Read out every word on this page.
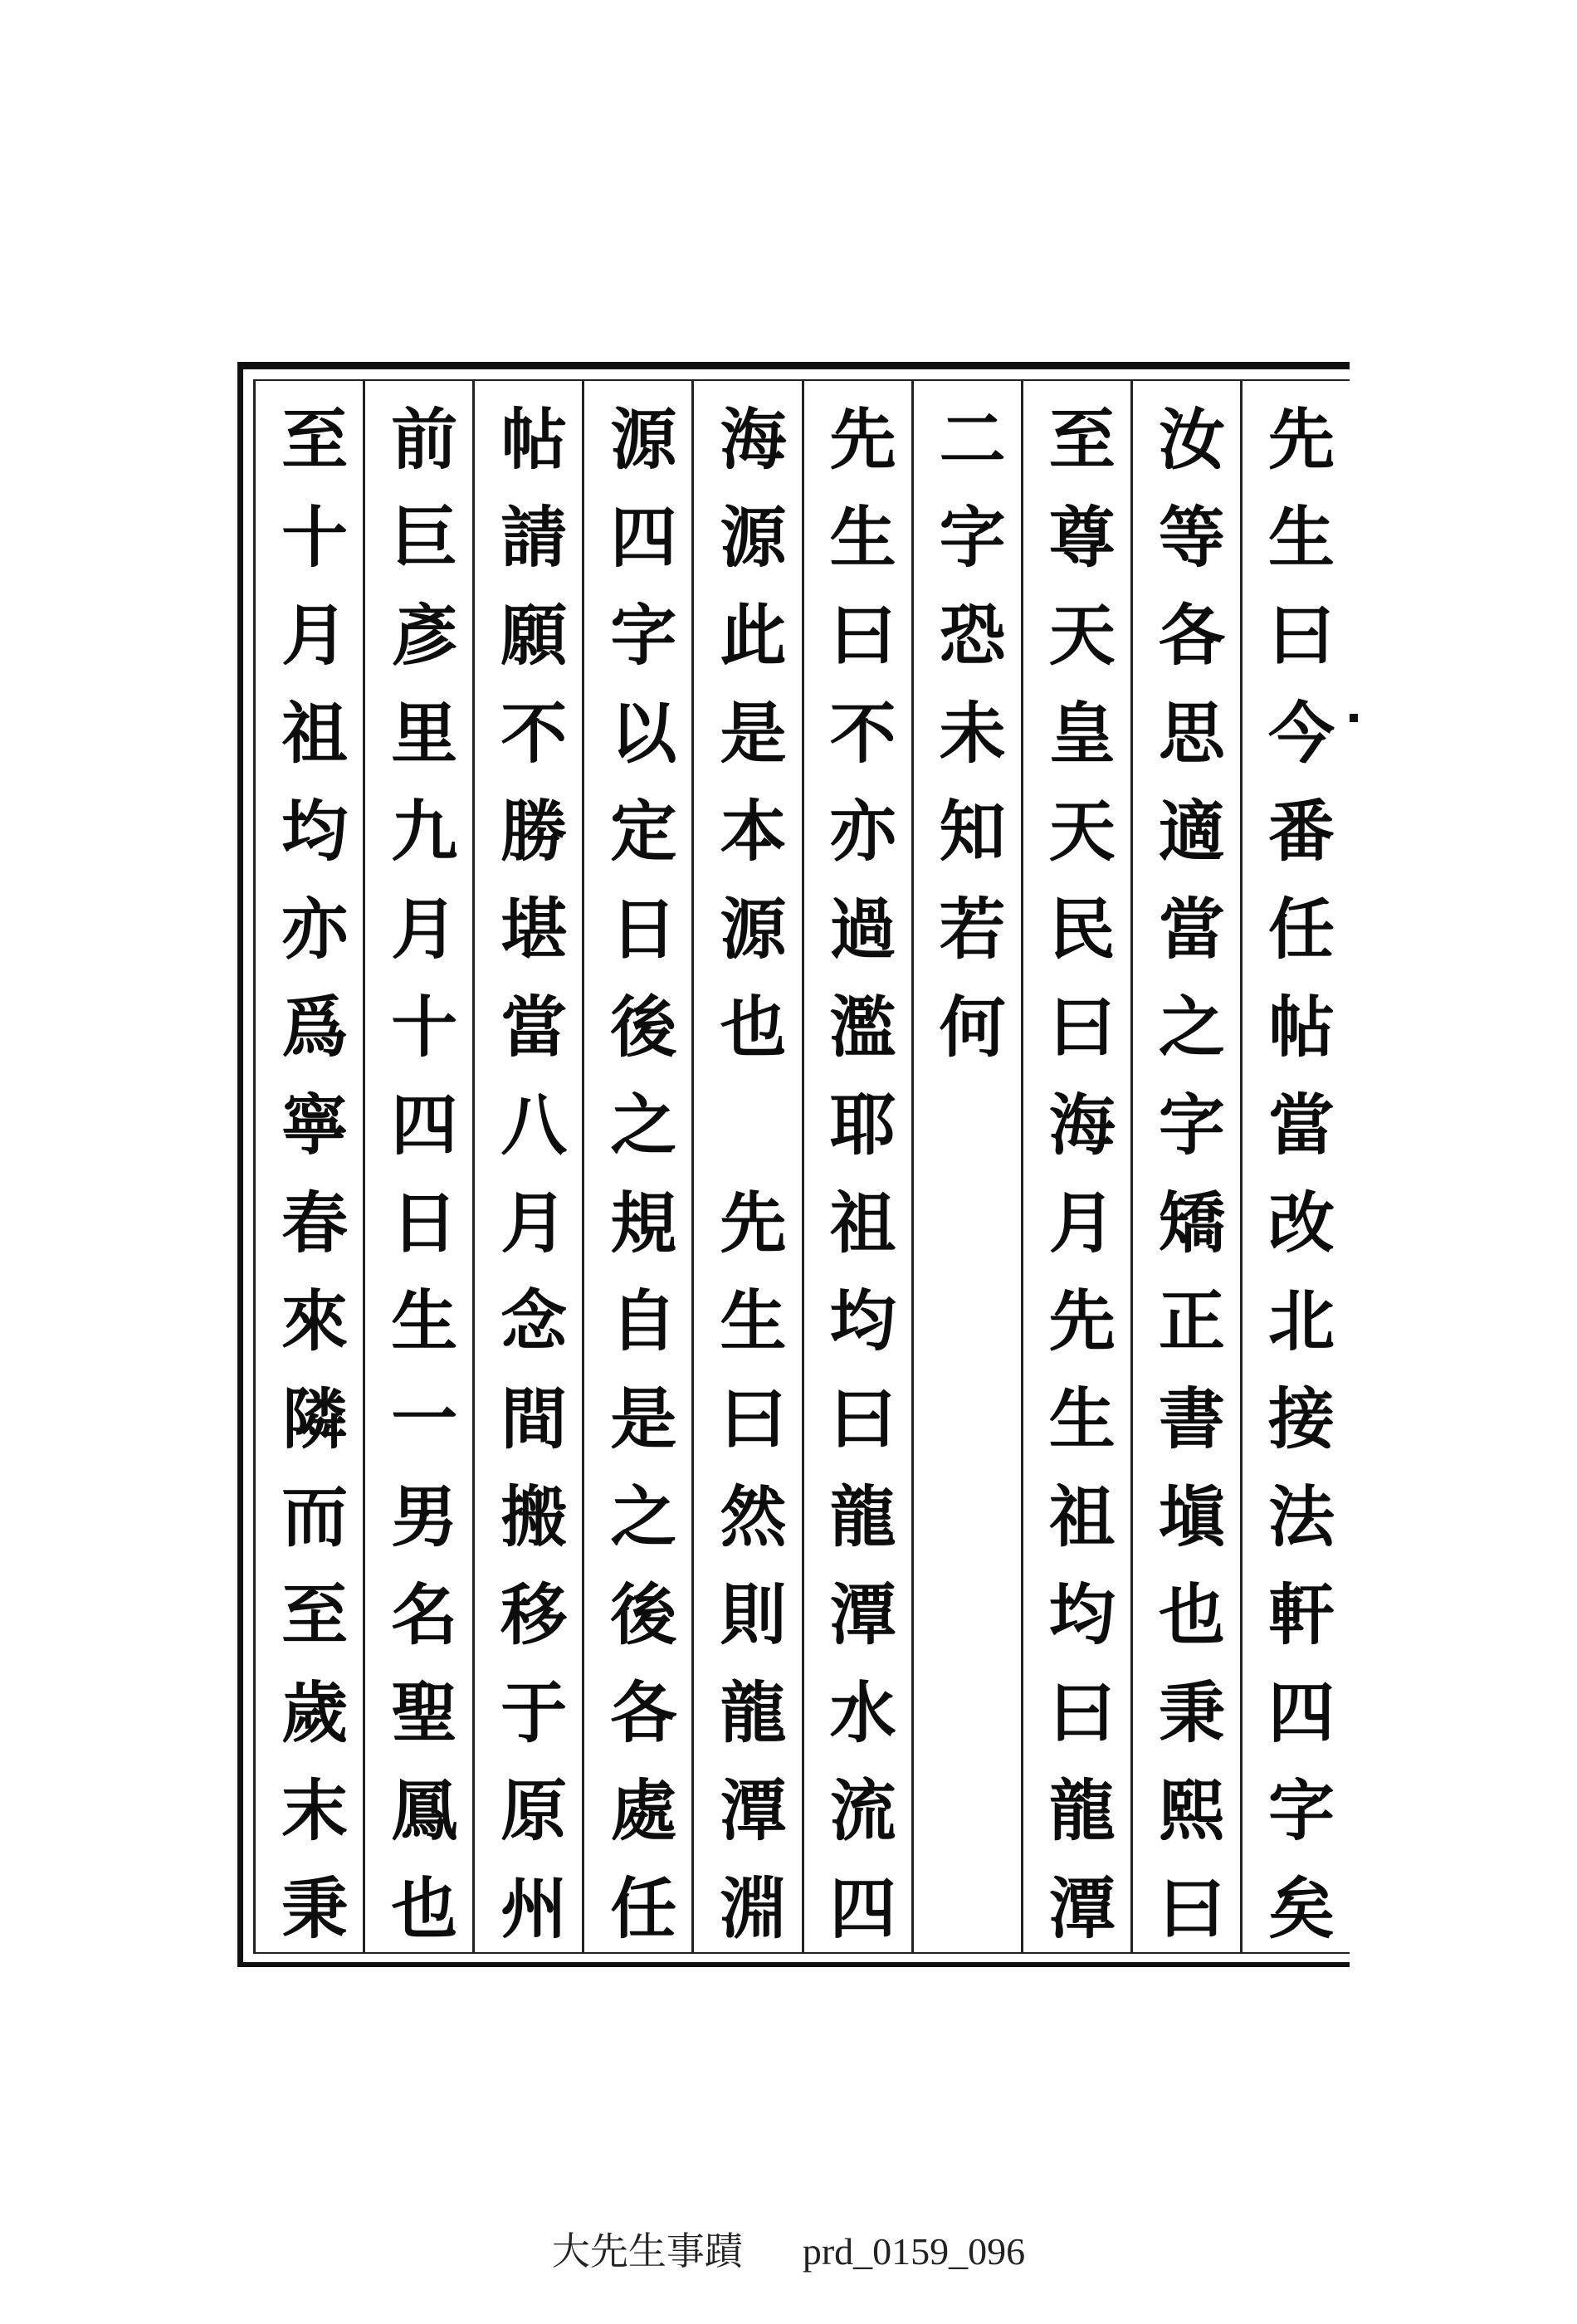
先生曰今番任帖當改北接法軒四字矣
汝等各思適當之字矯正書塡也秉熙曰
至尊天皇天民曰海月先生祖均曰龍潭
二字恐未知若何
先生曰不亦過濫耶祖均曰龍潭水流四
海源此是本源也　先生曰然則龍潭淵
源四字以定日後之規自是之後各處任
帖請願不勝堪當八月念間搬移于原州
前巨彥里九月十四日生一男名聖鳳也
至十月祖均亦爲寧春來隣而至歲末秉
大先生事蹟 prd_0159_096
